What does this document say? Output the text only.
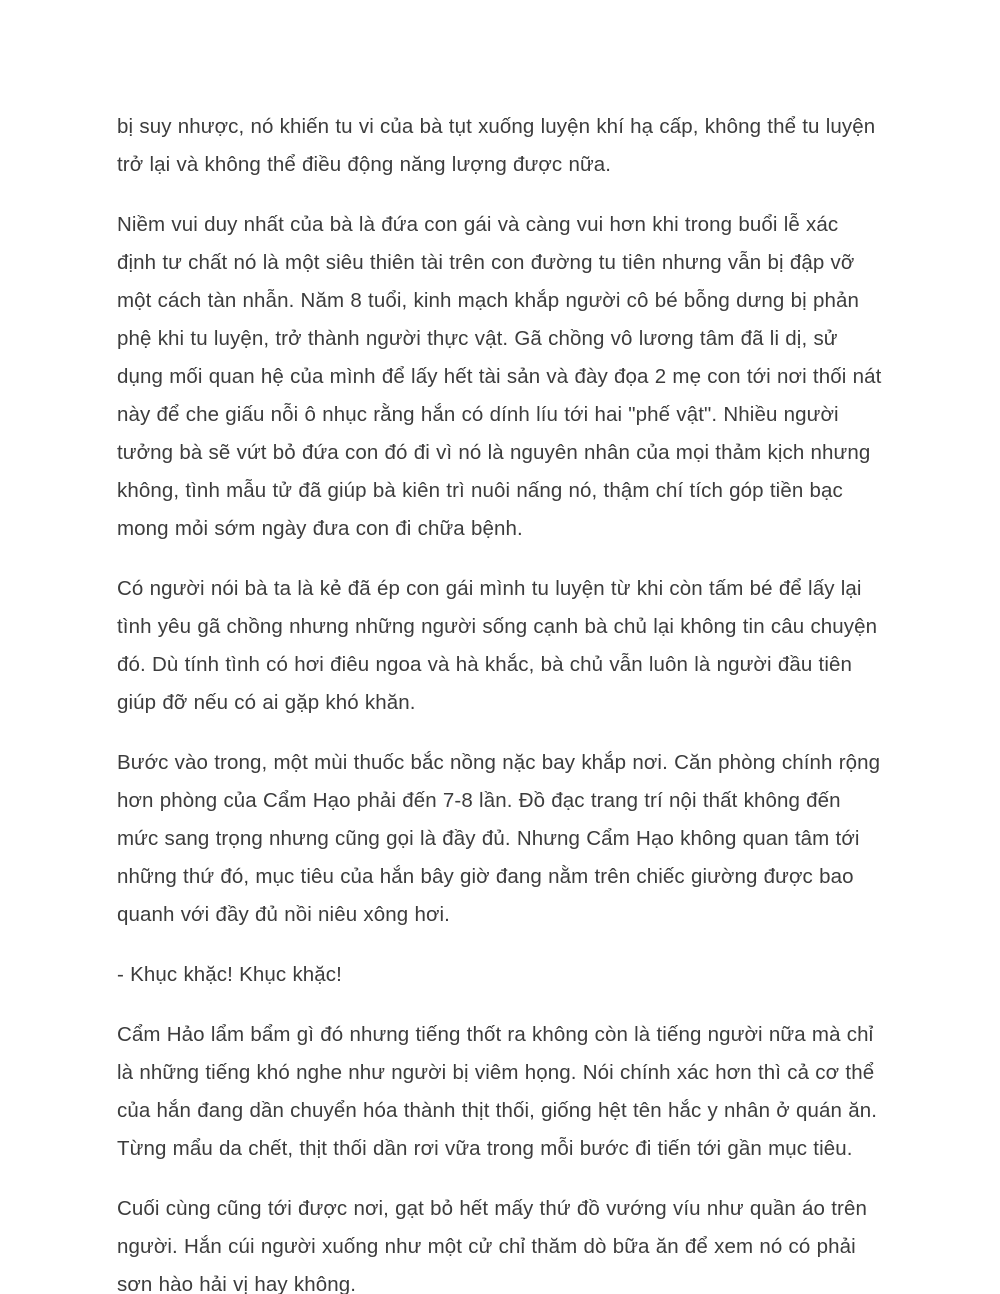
bị suy nhược, nó khiến tu vi của bà tụt xuống luyện khí hạ cấp, không thể tu luyện trở lại và không thể điều động năng lượng được nữa.

Niềm vui duy nhất của bà là đứa con gái và càng vui hơn khi trong buổi lễ xác định tư chất nó là một siêu thiên tài trên con đường tu tiên nhưng vẫn bị đập vỡ một cách tàn nhẫn. Năm 8 tuổi, kinh mạch khắp người cô bé bỗng dưng bị phản phệ khi tu luyện, trở thành người thực vật. Gã chồng vô lương tâm đã li dị, sử dụng mối quan hệ của mình để lấy hết tài sản và đày đọa 2 mẹ con tới nơi thối nát này để che giấu nỗi ô nhục rằng hắn có dính líu tới hai "phế vật". Nhiều người tưởng bà sẽ vứt bỏ đứa con đó đi vì nó là nguyên nhân của mọi thảm kịch nhưng không, tình mẫu tử đã giúp bà kiên trì nuôi nấng nó, thậm chí tích góp tiền bạc mong mỏi sớm ngày đưa con đi chữa bệnh.

Có người nói bà ta là kẻ đã ép con gái mình tu luyện từ khi còn tấm bé để lấy lại tình yêu gã chồng nhưng những người sống cạnh bà chủ lại không tin câu chuyện đó. Dù tính tình có hơi điêu ngoa và hà khắc, bà chủ vẫn luôn là người đầu tiên giúp đỡ nếu có ai gặp khó khăn.

Bước vào trong, một mùi thuốc bắc nồng nặc bay khắp nơi. Căn phòng chính rộng hơn phòng của Cẩm Hạo phải đến 7-8 lần. Đồ đạc trang trí nội thất không đến mức sang trọng nhưng cũng gọi là đầy đủ. Nhưng Cẩm Hạo không quan tâm tới những thứ đó, mục tiêu của hắn bây giờ đang nằm trên chiếc giường được bao quanh với đầy đủ nồi niêu xông hơi.

- Khục khặc! Khục khặc!

Cẩm Hảo lẩm bẩm gì đó nhưng tiếng thốt ra không còn là tiếng người nữa mà chỉ là những tiếng khó nghe như người bị viêm họng. Nói chính xác hơn thì cả cơ thể của hắn đang dần chuyển hóa thành thịt thối, giống hệt tên hắc y nhân ở quán ăn. Từng mẩu da chết, thịt thối dần rơi vữa trong mỗi bước đi tiến tới gần mục tiêu.

Cuối cùng cũng tới được nơi, gạt bỏ hết mấy thứ đồ vướng víu như quần áo trên người. Hắn cúi người xuống như một cử chỉ thăm dò bữa ăn để xem nó có phải sơn hào hải vị hay không.
